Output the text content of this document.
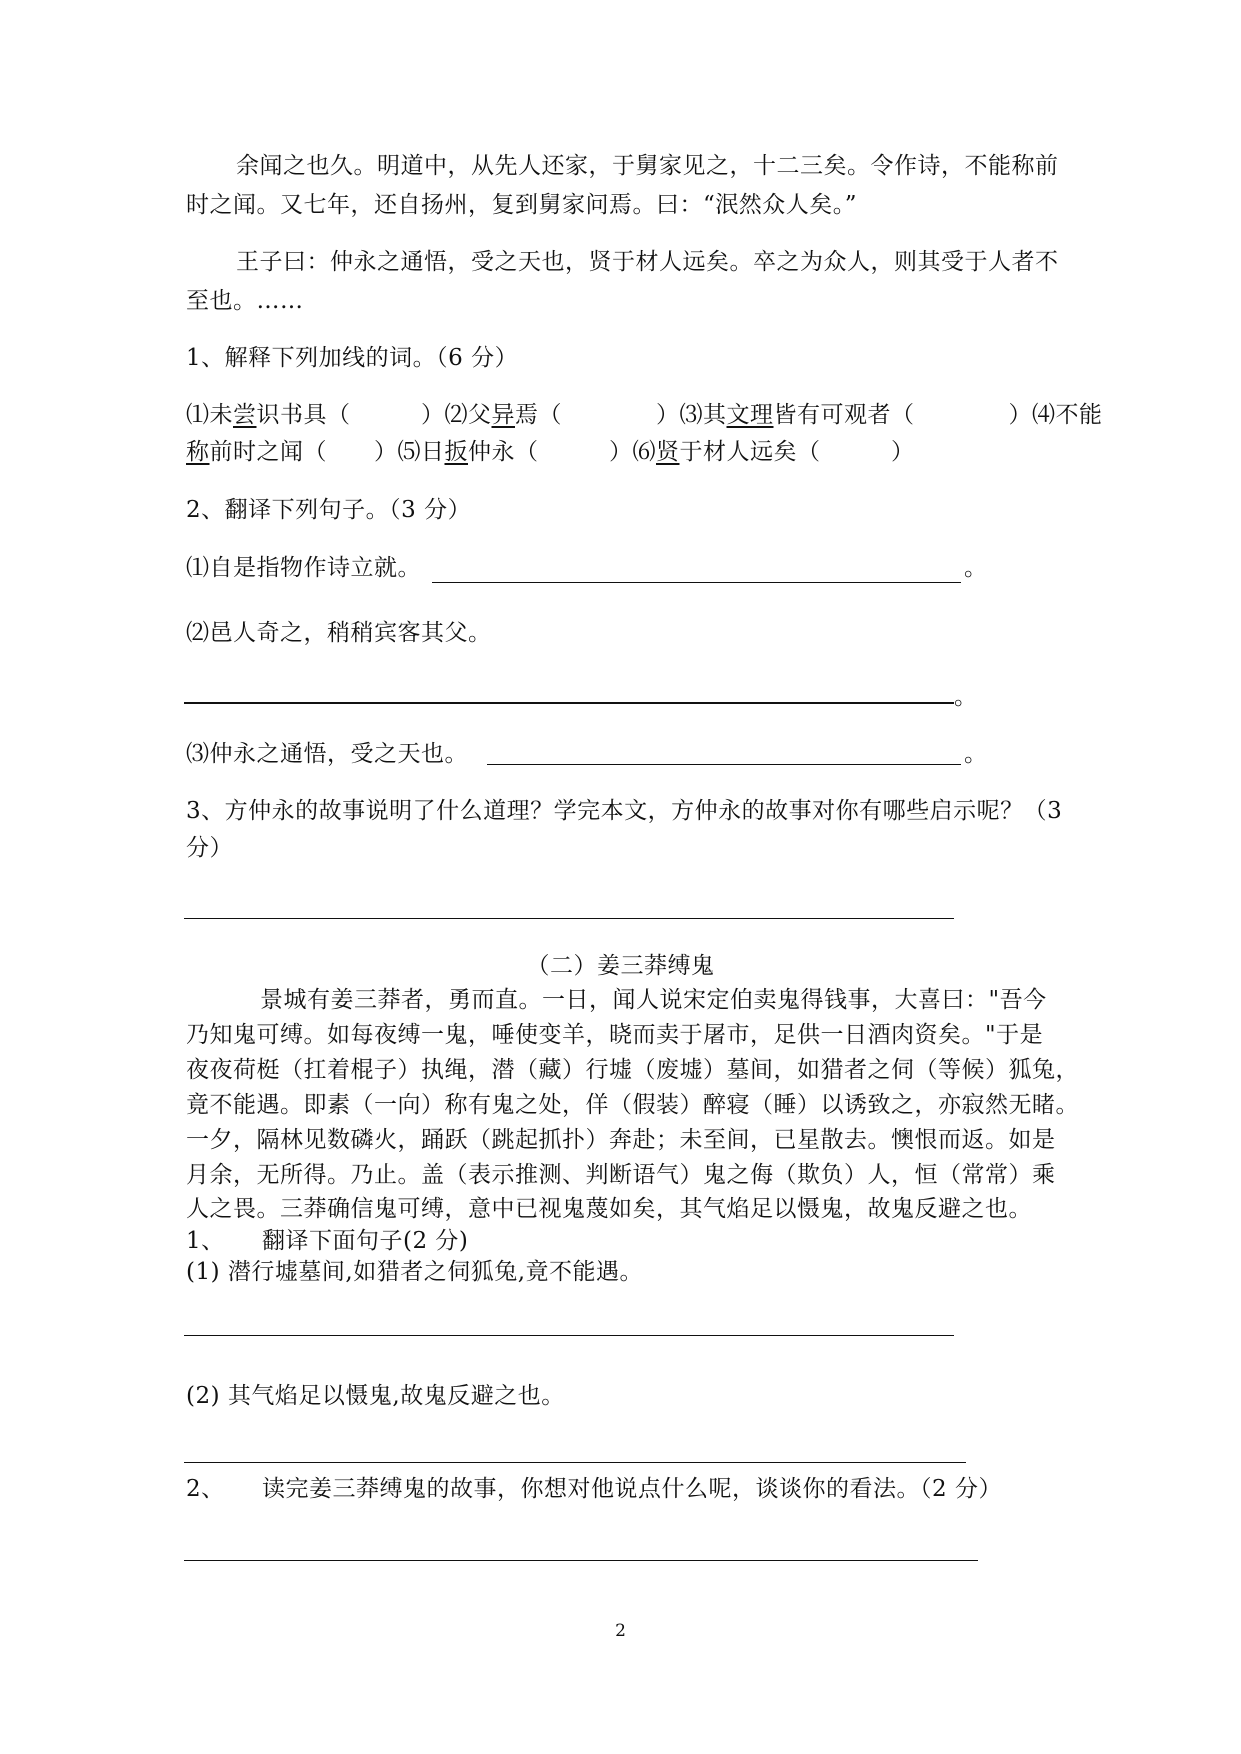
余闻之也久。明道中，从先人还家，于舅家见之，十二三矣。令作诗，不能称前
时之闻。又七年，还自扬州，复到舅家问焉。曰：“泯然众人矣。”
王子曰：仲永之通悟，受之天也，贤于材人远矣。卒之为众人，则其受于人者不
至也。……
1、解释下列加线的词。（6 分）
⑴未尝识书具（　　　）⑵父异焉（　　　　）⑶其文理皆有可观者（　　　　）⑷不能
称前时之闻（　　）⑸日扳仲永（　　　）⑹贤于材人远矣（　　　）
2、翻译下列句子。（3 分）
⑴自是指物作诗立就。	。
⑵邑人奇之，稍稍宾客其父。
。
⑶仲永之通悟，受之天也。	。
3、方仲永的故事说明了什么道理？学完本文，方仲永的故事对你有哪些启示呢？（3
分）
（二）姜三莽缚鬼
景城有姜三莽者，勇而直。一日，闻人说宋定伯卖鬼得钱事，大喜曰："吾今
乃知鬼可缚。如每夜缚一鬼，唾使变羊，晓而卖于屠市，足供一日酒肉资矣。"于是
夜夜荷梃（扛着棍子）执绳，潜（藏）行墟（废墟）墓间，如猎者之伺（等候）狐兔，
竟不能遇。即素（一向）称有鬼之处，佯（假装）醉寝（睡）以诱致之，亦寂然无睹。
一夕，隔林见数磷火，踊跃（跳起抓扑）奔赴；未至间，已星散去。懊恨而返。如是
月余，无所得。乃止。盖（表示推测、判断语气）鬼之侮（欺负）人，恒（常常）乘
人之畏。三莽确信鬼可缚，意中已视鬼蔑如矣，其气焰足以慑鬼，故鬼反避之也。
1、 翻译下面句子(2 分)
(1) 潜行墟墓间,如猎者之伺狐兔,竟不能遇。
(2) 其气焰足以慑鬼,故鬼反避之也。
2、 读完姜三莽缚鬼的故事，你想对他说点什么呢，谈谈你的看法。（2 分）
2
